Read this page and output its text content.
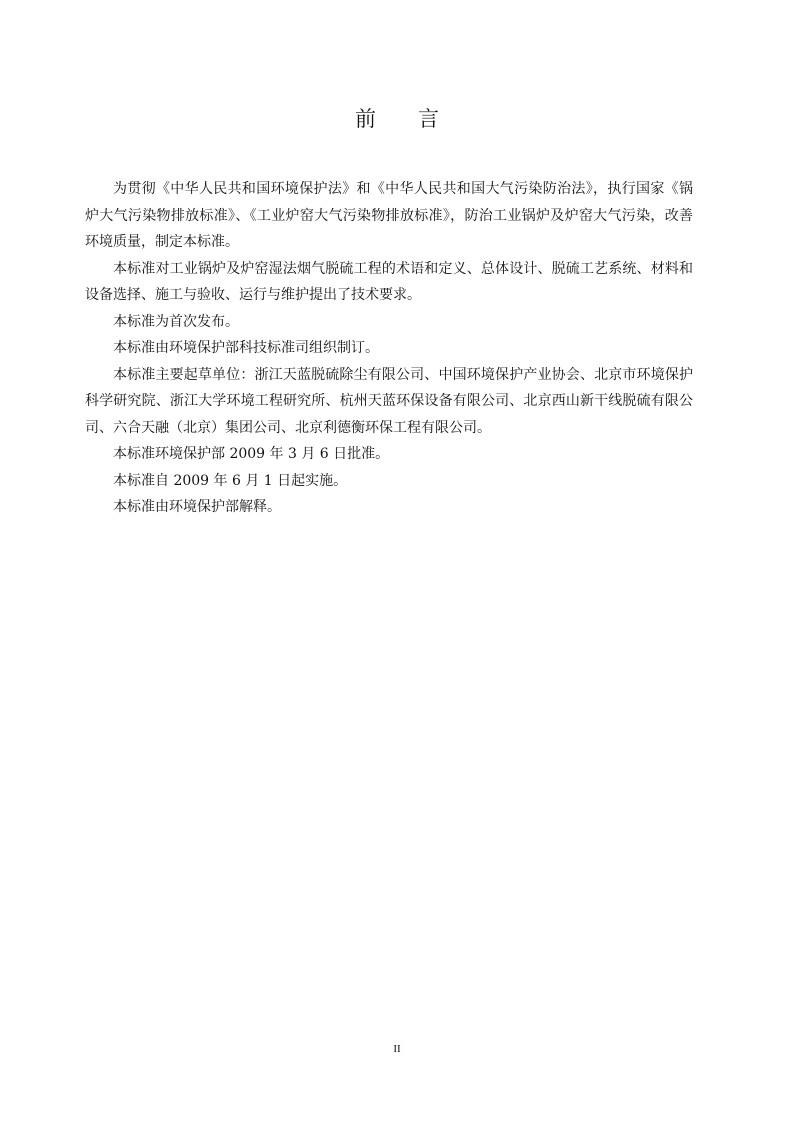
前 言

为贯彻《中华人民共和国环境保护法》和《中华人民共和国大气污染防治法》，执行国家《锅炉大气污染物排放标准》、《工业炉窑大气污染物排放标准》，防治工业锅炉及炉窑大气污染，改善环境质量，制定本标准。

本标准对工业锅炉及炉窑湿法烟气脱硫工程的术语和定义、总体设计、脱硫工艺系统、材料和设备选择、施工与验收、运行与维护提出了技术要求。

本标准为首次发布。

本标准由环境保护部科技标准司组织制订。

本标准主要起草单位：浙江天蓝脱硫除尘有限公司、中国环境保护产业协会、北京市环境保护科学研究院、浙江大学环境工程研究所、杭州天蓝环保设备有限公司、北京西山新干线脱硫有限公司、六合天融（北京）集团公司、北京利德衡环保工程有限公司。

本标准环境保护部 2009 年 3 月 6 日批准。

本标准自 2009 年 6 月 1 日起实施。

本标准由环境保护部解释。

II
